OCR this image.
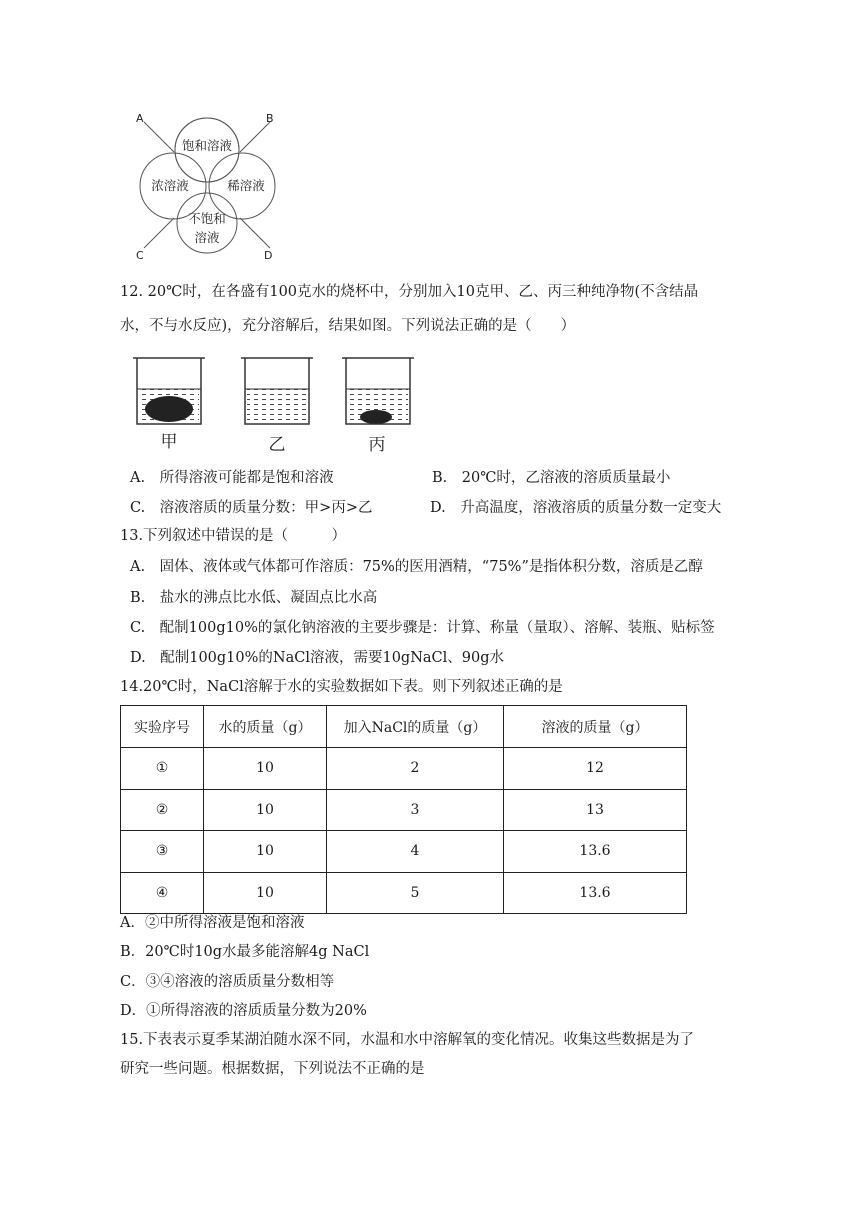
A	B
C	D
饱和溶液
浓溶液	稀溶液
不饱和
溶液
12. 20℃时，在各盛有100克水的烧杯中，分别加入10克甲、乙、丙三种纯净物(不含结晶
水，不与水反应)，充分溶解后，结果如图。下列说法正确的是（　　）
甲	乙	丙
A.　所得溶液可能都是饱和溶液	B.　20℃时，乙溶液的溶质质量最小
C.　溶液溶质的质量分数：甲>丙>乙	D.　升高温度，溶液溶质的质量分数一定变大
13.下列叙述中错误的是（　　　）
A.　固体、液体或气体都可作溶质：75%的医用酒精，“75%”是指体积分数，溶质是乙醇
B.　盐水的沸点比水低、凝固点比水高
C.　配制100g10%的氯化钠溶液的主要步骤是：计算、称量（量取）、溶解、装瓶、贴标签
D.　配制100g10%的NaCl溶液，需要10gNaCl、90g水
14.20℃时，NaCl溶解于水的实验数据如下表。则下列叙述正确的是
实验序号	水的质量（g）	加入NaCl的质量（g）	溶液的质量（g）
①	10	2	12
②	10	3	13
③	10	4	13.6
④	10	5	13.6
A．②中所得溶液是饱和溶液
B．20℃时10g水最多能溶解4g NaCl
C．③④溶液的溶质质量分数相等
D．①所得溶液的溶质质量分数为20%
15.下表表示夏季某湖泊随水深不同，水温和水中溶解氧的变化情况。收集这些数据是为了
研究一些问题。根据数据，下列说法不正确的是
